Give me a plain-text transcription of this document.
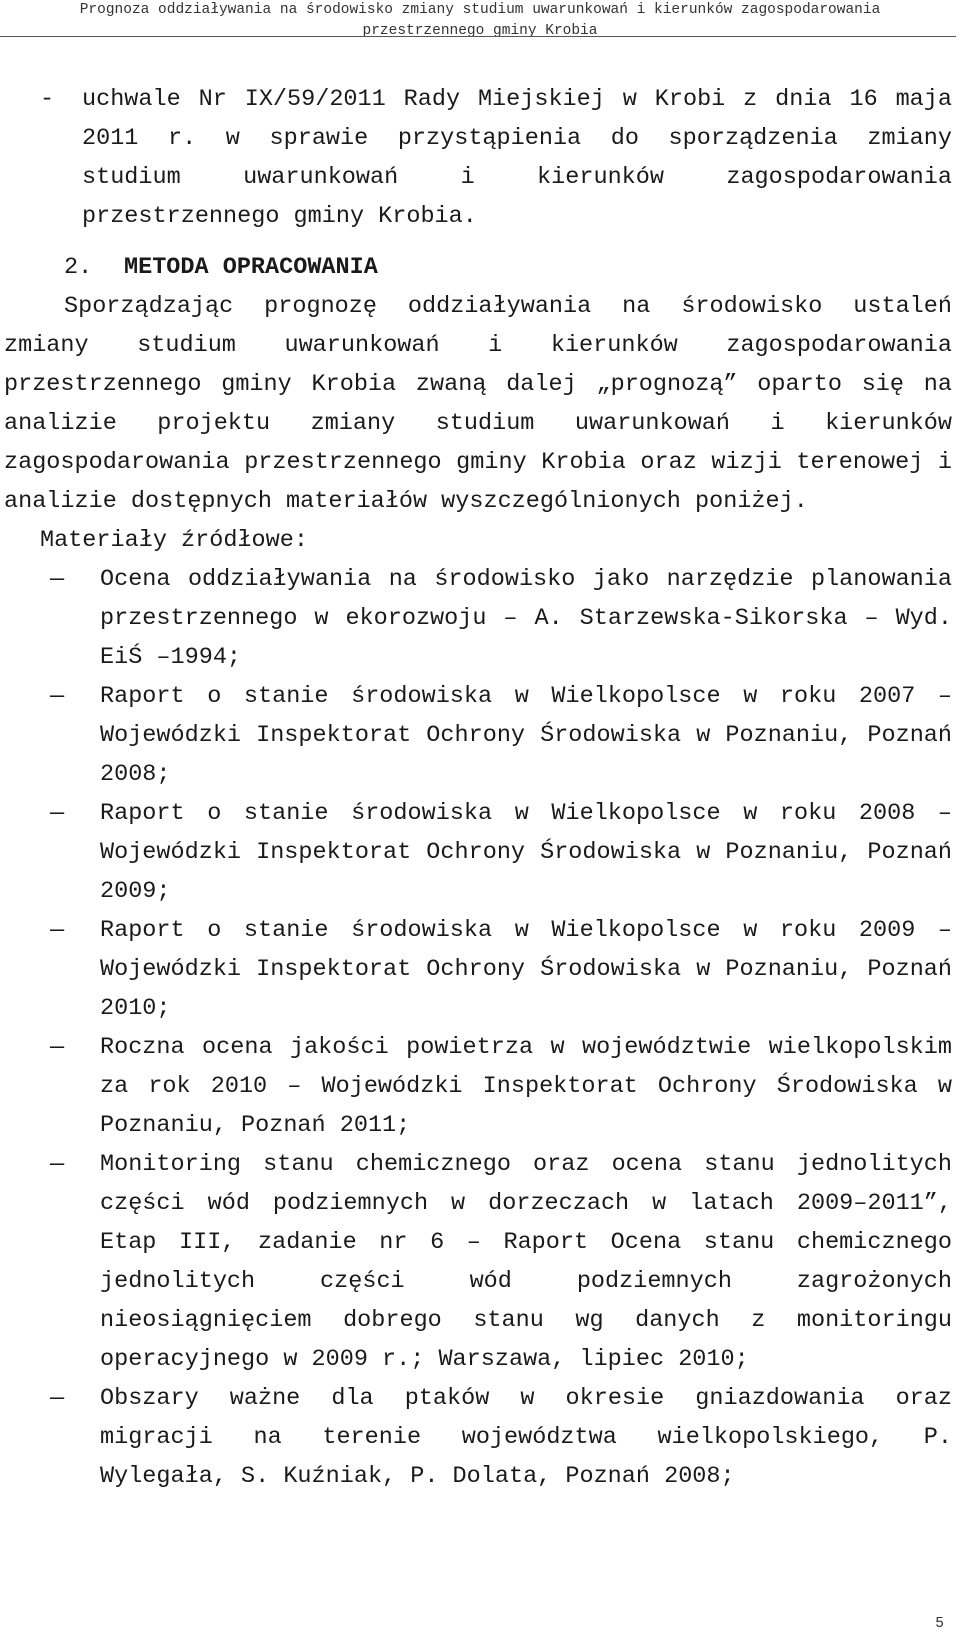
Prognoza oddziaływania na środowisko zmiany studium uwarunkowań i kierunków zagospodarowania
przestrzennego gminy Krobia
- uchwale Nr IX/59/2011 Rady Miejskiej w Krobi z dnia 16 maja 2011 r. w sprawie przystąpienia do sporządzenia zmiany studium uwarunkowań i kierunków zagospodarowania przestrzennego gminy Krobia.
2. METODA OPRACOWANIA
Sporządzając prognozę oddziaływania na środowisko ustaleń zmiany studium uwarunkowań i kierunków zagospodarowania przestrzennego gminy Krobia zwaną dalej „prognozą” oparto się na analizie projektu zmiany studium uwarunkowań i kierunków zagospodarowania przestrzennego gminy Krobia oraz wizji terenowej i analizie dostępnych materiałów wyszczególnionych poniżej.
Materiały źródłowe:
— Ocena oddziaływania na środowisko jako narzędzie planowania przestrzennego w ekorozwoju – A. Starzewska-Sikorska – Wyd. EiŚ –1994;
— Raport o stanie środowiska w Wielkopolsce w roku 2007 – Wojewódzki Inspektorat Ochrony Środowiska w Poznaniu, Poznań 2008;
— Raport o stanie środowiska w Wielkopolsce w roku 2008 – Wojewódzki Inspektorat Ochrony Środowiska w Poznaniu, Poznań 2009;
— Raport o stanie środowiska w Wielkopolsce w roku 2009 – Wojewódzki Inspektorat Ochrony Środowiska w Poznaniu, Poznań 2010;
— Roczna ocena jakości powietrza w województwie wielkopolskim za rok 2010 – Wojewódzki Inspektorat Ochrony Środowiska w Poznaniu, Poznań 2011;
— Monitoring stanu chemicznego oraz ocena stanu jednolitych części wód podziemnych w dorzeczach w latach 2009–2011”, Etap III, zadanie nr 6 – Raport Ocena stanu chemicznego jednolitych części wód podziemnych zagrożonych nieosiągnięciem dobrego stanu wg danych z monitoringu operacyjnego w 2009 r.; Warszawa, lipiec 2010;
— Obszary ważne dla ptaków w okresie gniazdowania oraz migracji na terenie województwa wielkopolskiego, P. Wylegała, S. Kuźniak, P. Dolata, Poznań 2008;
5
